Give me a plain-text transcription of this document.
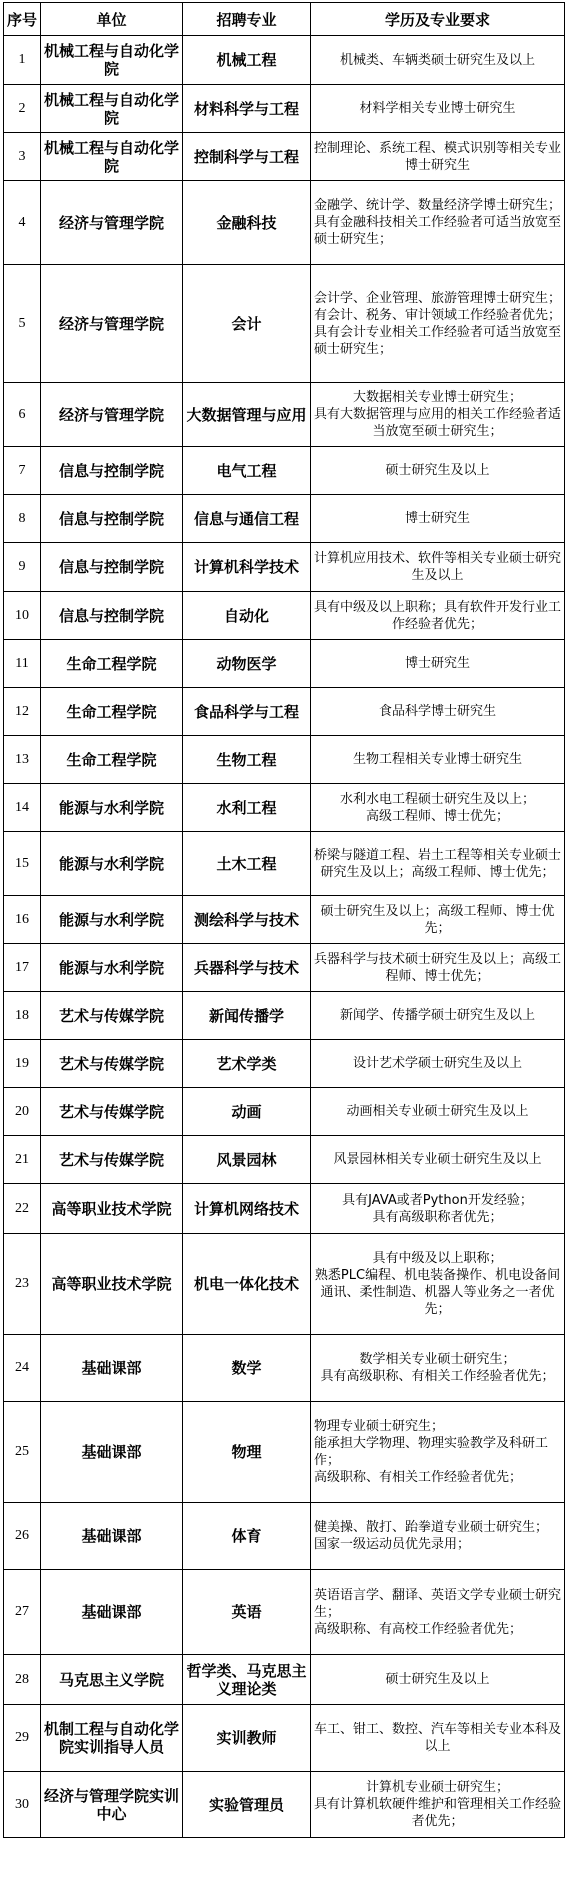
序号	单位	招聘专业	学历及专业要求
1	机械工程与自动化学院	机械工程	机械类、车辆类硕士研究生及以上

2	机械工程与自动化学院	材料科学与工程	材料学相关专业博士研究生

3	机械工程与自动化学院	控制科学与工程	控制理论、系统工程、模式识别等相关专业博士研究生

4	经济与管理学院	金融科技	金融学、统计学、数量经济学博士研究生；
具有金融科技相关工作经验者可适当放宽至硕士研究生；

5	经济与管理学院	会计	会计学、企业管理、旅游管理博士研究生；
有会计、税务、审计领域工作经验者优先；
具有会计专业相关工作经验者可适当放宽至硕士研究生；

6	经济与管理学院	大数据管理与应用	大数据相关专业博士研究生；
具有大数据管理与应用的相关工作经验者适当放宽至硕士研究生；

7	信息与控制学院	电气工程	硕士研究生及以上

8	信息与控制学院	信息与通信工程	博士研究生

9	信息与控制学院	计算机科学技术	计算机应用技术、软件等相关专业硕士研究生及以上

10	信息与控制学院	自动化	具有中级及以上职称；具有软件开发行业工作经验者优先；

11	生命工程学院	动物医学	博士研究生

12	生命工程学院	食品科学与工程	食品科学博士研究生

13	生命工程学院	生物工程	生物工程相关专业博士研究生

14	能源与水利学院	水利工程	水利水电工程硕士研究生及以上；
高级工程师、博士优先；

15	能源与水利学院	土木工程	桥梁与隧道工程、岩土工程等相关专业硕士研究生及以上；高级工程师、博士优先；

16	能源与水利学院	测绘科学与技术	硕士研究生及以上；高级工程师、博士优先；

17	能源与水利学院	兵器科学与技术	兵器科学与技术硕士研究生及以上；高级工程师、博士优先；

18	艺术与传媒学院	新闻传播学	新闻学、传播学硕士研究生及以上

19	艺术与传媒学院	艺术学类	设计艺术学硕士研究生及以上

20	艺术与传媒学院	动画	动画相关专业硕士研究生及以上

21	艺术与传媒学院	风景园林	风景园林相关专业硕士研究生及以上

22	高等职业技术学院	计算机网络技术	具有JAVA或者Python开发经验；
具有高级职称者优先；

23	高等职业技术学院	机电一体化技术	具有中级及以上职称；
熟悉PLC编程、机电装备操作、机电设备间通讯、柔性制造、机器人等业务之一者优先；

24	基础课部	数学	数学相关专业硕士研究生；
具有高级职称、有相关工作经验者优先；

25	基础课部	物理	物理专业硕士研究生；
能承担大学物理、物理实验教学及科研工作；
高级职称、有相关工作经验者优先；

26	基础课部	体育	健美操、散打、跆拳道专业硕士研究生；
国家一级运动员优先录用；

27	基础课部	英语	英语语言学、翻译、英语文学专业硕士研究生；
高级职称、有高校工作经验者优先；

28	马克思主义学院	哲学类、马克思主义理论类	硕士研究生及以上

29	机制工程与自动化学院实训指导人员	实训教师	车工、钳工、数控、汽车等相关专业本科及以上

30	经济与管理学院实训中心	实验管理员	计算机专业硕士研究生；
具有计算机软硬件维护和管理相关工作经验者优先；
